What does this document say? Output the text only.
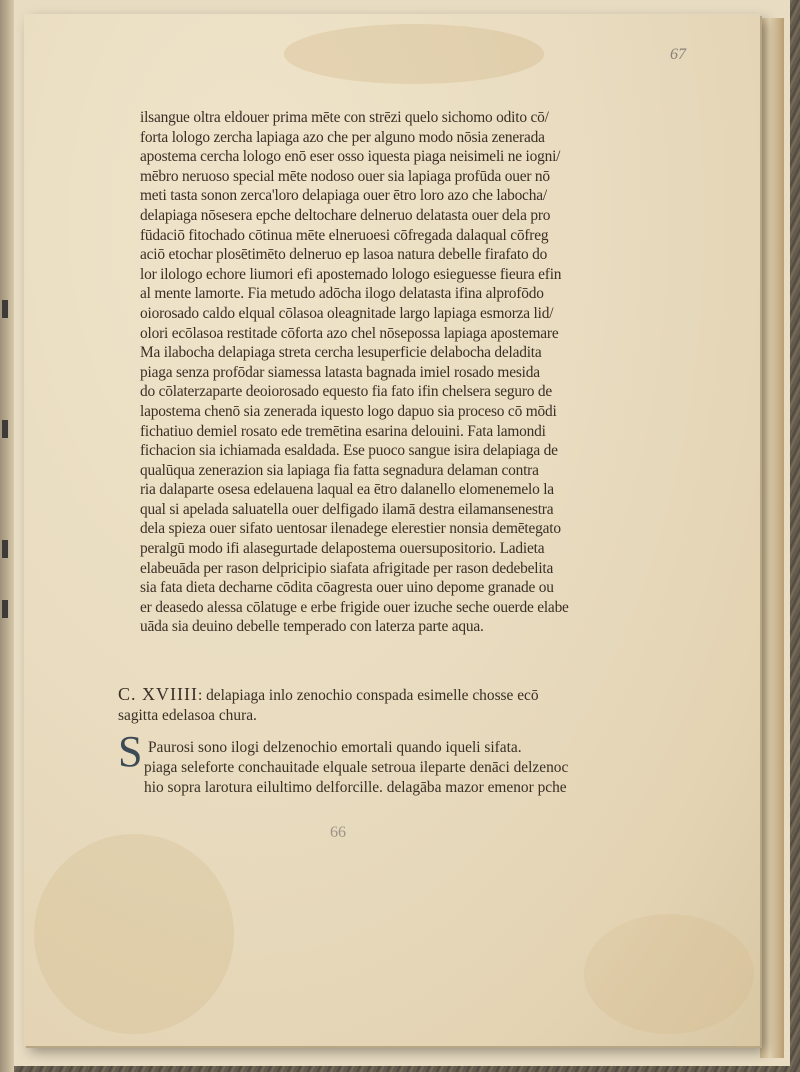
67
ilsangue oltra eldouer prima mēte con strēzi quelo sichomo odito cō/
forta lologo zercha lapiaga azo che per alguno modo nōsia zenerada
apostema cercha lologo enō eser osso iquesta piaga neisimeli ne iogni/
mēbro neruoso special mēte nodoso ouer sia lapiaga profūda ouer nō
meti tasta sonon zerca'loro delapiaga ouer ētro loro azo che labocha/
delapiaga nōsesera epche deltochare delneruo delatasta ouer dela pro
fūdaciō fitochado cōtinua mēte elneruoesi cōfregada dalaqual cōfreg
aciō etochar plosētimēto delneruo ep lasoa natura debelle firafato do
lor ilologo echore liumori efi apostemado lologo esieguesse fieura efin
al mente lamorte. Fia metudo adōcha ilogo delatasta ifina alprofōdo
oiorosado caldo elqual cōlasoa oleagnitade largo lapiaga esmorza lid/
olori ecōlasoa restitade cōforta azo chel nōsepossa lapiaga apostemare
Ma ilabocha delapiaga streta cercha lesuperficie delabocha deladita
piaga senza profōdar siamessa latasta bagnada imiel rosado mesida
do cōlaterzaparte deoiorosado equesto fia fato ifin chelsera seguro de
lapostema chenō sia zenerada iquesto logo dapuo sia proceso cō mōdi
fichatiuo demiel rosato ede tremētina esarina delouini. Fata lamondi
fichacion sia ichiamada esaldada. Ese puoco sangue isira delapiaga de
qualūqua zenerazion sia lapiaga fia fatta segnadura delaman contra
ria dalaparte osesa edelauena laqual ea ētro dalanello elomenemelo la
qual si apelada saluatella ouer delfigado ilamā destra eilamansenestra
dela spieza ouer sifato uentosar ilenadege elerestier nonsia demētegato
peralgū modo ifi alasegurtade delapostema ouersupositorio. Ladieta
elabeuāda per rason delpricipio siafata afrigitade per rason dedebelita
sia fata dieta decharne cōdita cōagresta ouer uino depome granade ou
er deasedo alessa cōlatuge e erbe frigide ouer izuche seche ouerde elabe
uāda sia deuino debelle temperado con laterza parte aqua.
C. XVIIII: delapiaga inlo zenochio conspada esimelle chosse ecō
sagitta edelasoa chura.
S Paurosi sono ilogi delzenochio emortali quando iqueli sifata.
piaga seleforte conchauitade elquale setroua ileparte denāci delzenoc
hio sopra larotura eilultimo delforcille. delagāba mazor emenor pche
66
